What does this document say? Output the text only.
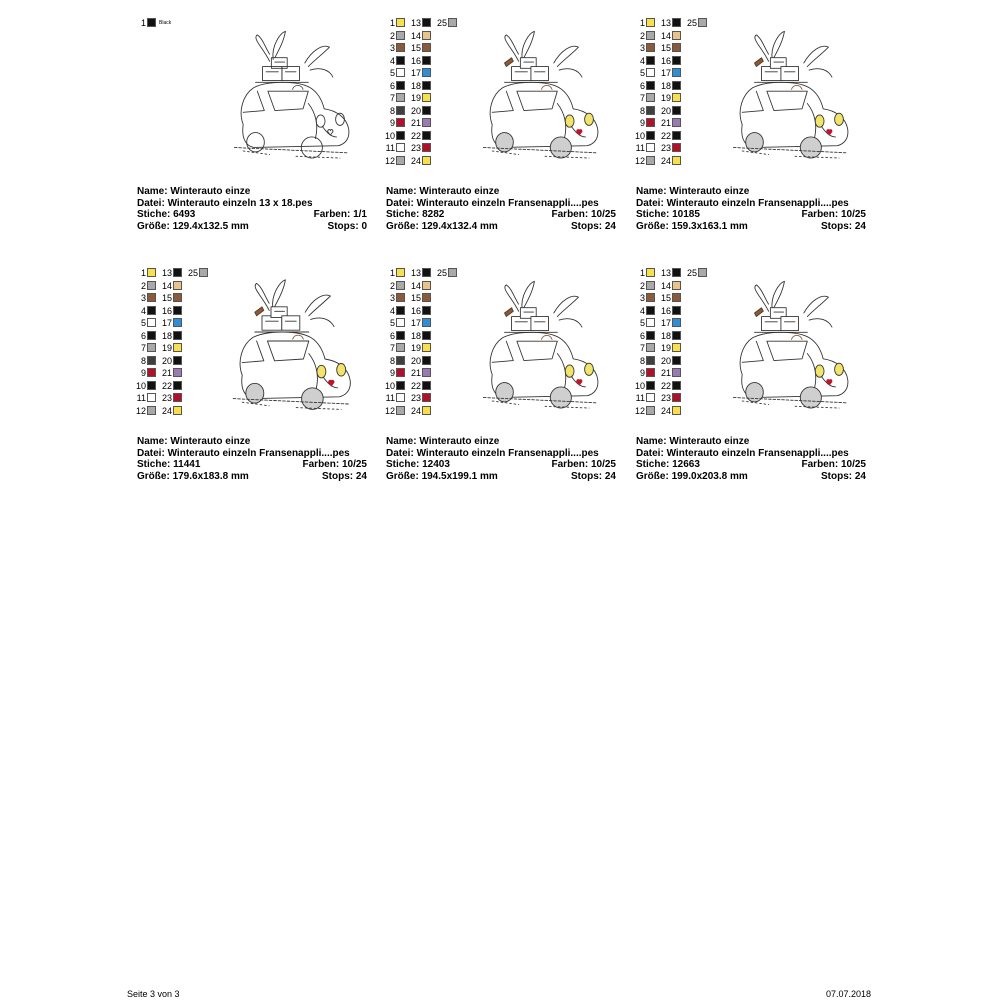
1	Black
Name: Winterauto einze
Datei: Winterauto einzeln 13 x 18.pes
Stiche: 6493	Farben: 1/1
Größe: 129.4x132.5 mm	Stops: 0
1 13 25
2 14
3 15
4 16
5 17
6 18
7 19
8 20
9 21
10 22
11 23
12 24
Name: Winterauto einze
Datei: Winterauto einzeln Fransenappli....pes
Stiche: 8282	Farben: 10/25
Größe: 129.4x132.4 mm	Stops: 24
1 13 25
2 14
3 15
4 16
5 17
6 18
7 19
8 20
9 21
10 22
11 23
12 24
Name: Winterauto einze
Datei: Winterauto einzeln Fransenappli....pes
Stiche: 10185	Farben: 10/25
Größe: 159.3x163.1 mm	Stops: 24
1 13 25
2 14
3 15
4 16
5 17
6 18
7 19
8 20
9 21
10 22
11 23
12 24
Name: Winterauto einze
Datei: Winterauto einzeln Fransenappli....pes
Stiche: 11441	Farben: 10/25
Größe: 179.6x183.8 mm	Stops: 24
1 13 25
2 14
3 15
4 16
5 17
6 18
7 19
8 20
9 21
10 22
11 23
12 24
Name: Winterauto einze
Datei: Winterauto einzeln Fransenappli....pes
Stiche: 12403	Farben: 10/25
Größe: 194.5x199.1 mm	Stops: 24
1 13 25
2 14
3 15
4 16
5 17
6 18
7 19
8 20
9 21
10 22
11 23
12 24
Name: Winterauto einze
Datei: Winterauto einzeln Fransenappli....pes
Stiche: 12663	Farben: 10/25
Größe: 199.0x203.8 mm	Stops: 24
Seite 3 von 3	07.07.2018
